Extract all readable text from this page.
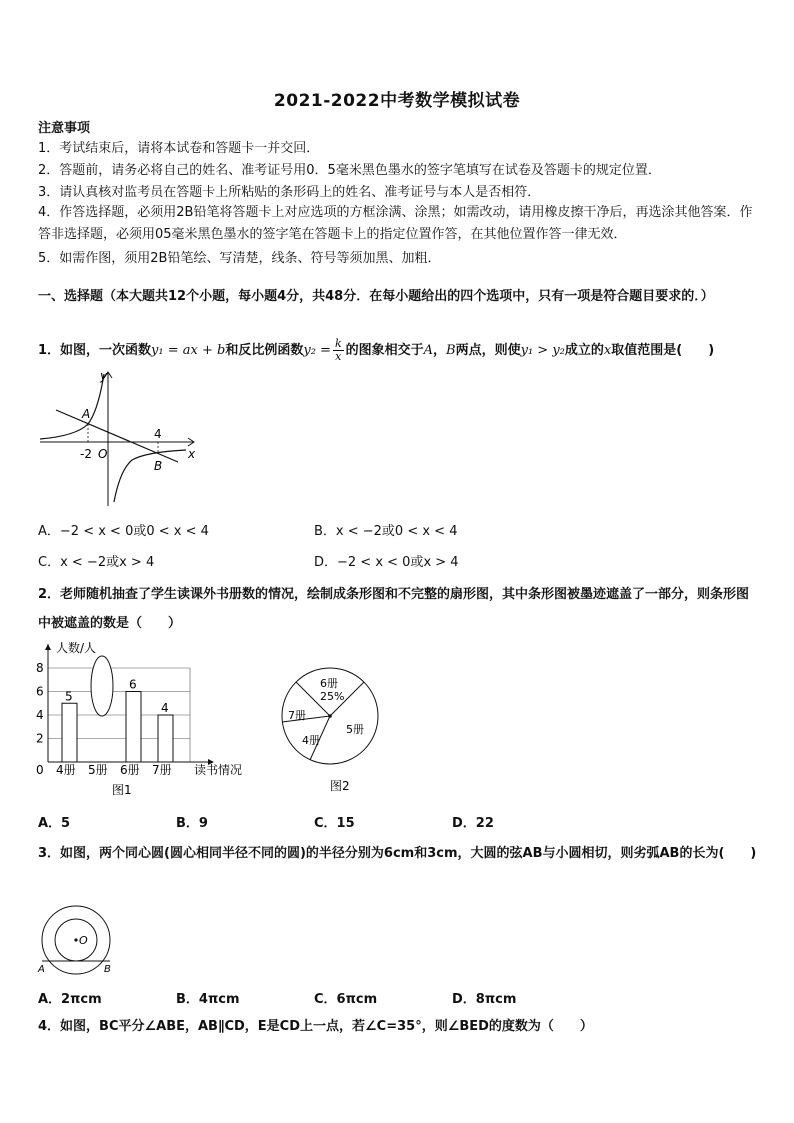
2021-2022中考数学模拟试卷
注意事项
1．考试结束后，请将本试卷和答题卡一并交回．
2．答题前，请务必将自己的姓名、准考证号用0．5毫米黑色墨水的签字笔填写在试卷及答题卡的规定位置．
3．请认真核对监考员在答题卡上所粘贴的条形码上的姓名、准考证号与本人是否相符．
4．作答选择题，必须用2B铅笔将答题卡上对应选项的方框涂满、涂黑；如需改动，请用橡皮擦干净后，再选涂其他答案．作答非选择题，必须用05毫米黑色墨水的签字笔在答题卡上的指定位置作答，在其他位置作答一律无效．
5．如需作图，须用2B铅笔绘、写清楚，线条、符号等须加黑、加粗．
一、选择题（本大题共12个小题，每小题4分，共48分．在每小题给出的四个选项中，只有一项是符合题目要求的．）
1．如图，一次函数y₁ = ax + b和反比例函数$y_2 = \frac{k}{x}$ 的图象相交于A，B两点，则使y₁ > y₂成立的x取值范围是(　　)
y
x
A
B
-2 O
4
A．−2 < x < 0或0 < x < 4	B．x < −2或0 < x < 4
C．x < −2或x > 4	D．−2 < x < 0或x > 4
2．老师随机抽查了学生读课外书册数的情况，绘制成条形图和不完整的扇形图，其中条形图被墨迹遮盖了一部分，则条形图中被遮盖的数是（　　）
2
4
6
8
5
4册 5册
6
6册
4
7册
人数/人
读书情况
0
图1
6册
25%
7册
5册
4册
图2
A．5	B．9	C．15	D．22
3．如图，两个同心圆(圆心相同半径不同的圆)的半径分别为6cm和3cm，大圆的弦AB与小圆相切，则劣弧AB的长为(　　)
O
A	B
A．2πcm	B．4πcm	C．6πcm	D．8πcm
4．如图，BC平分∠ABE，AB∥CD，E是CD上一点，若∠C=35°，则∠BED的度数为（　　）
